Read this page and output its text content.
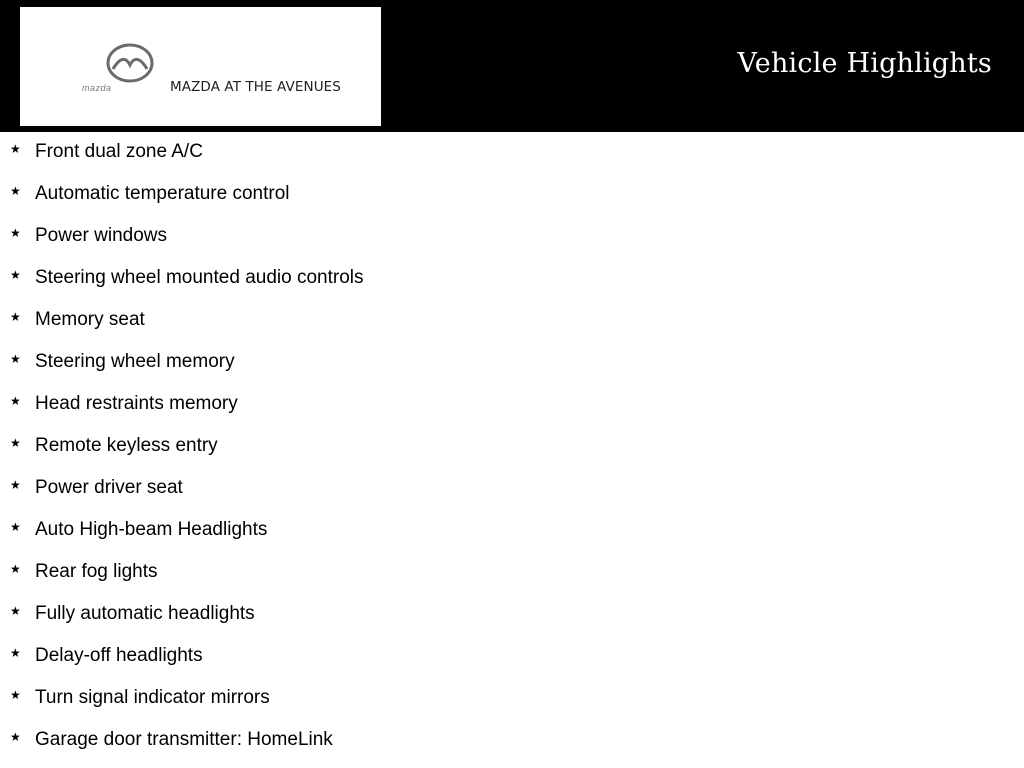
mazda	MAZDA AT THE AVENUES
Vehicle Highlights
★ Front dual zone A/C
★ Automatic temperature control
★ Power windows
★ Steering wheel mounted audio controls
★ Memory seat
★ Steering wheel memory
★ Head restraints memory
★ Remote keyless entry
★ Power driver seat
★ Auto High-beam Headlights
★ Rear fog lights
★ Fully automatic headlights
★ Delay-off headlights
★ Turn signal indicator mirrors
★ Garage door transmitter: HomeLink
